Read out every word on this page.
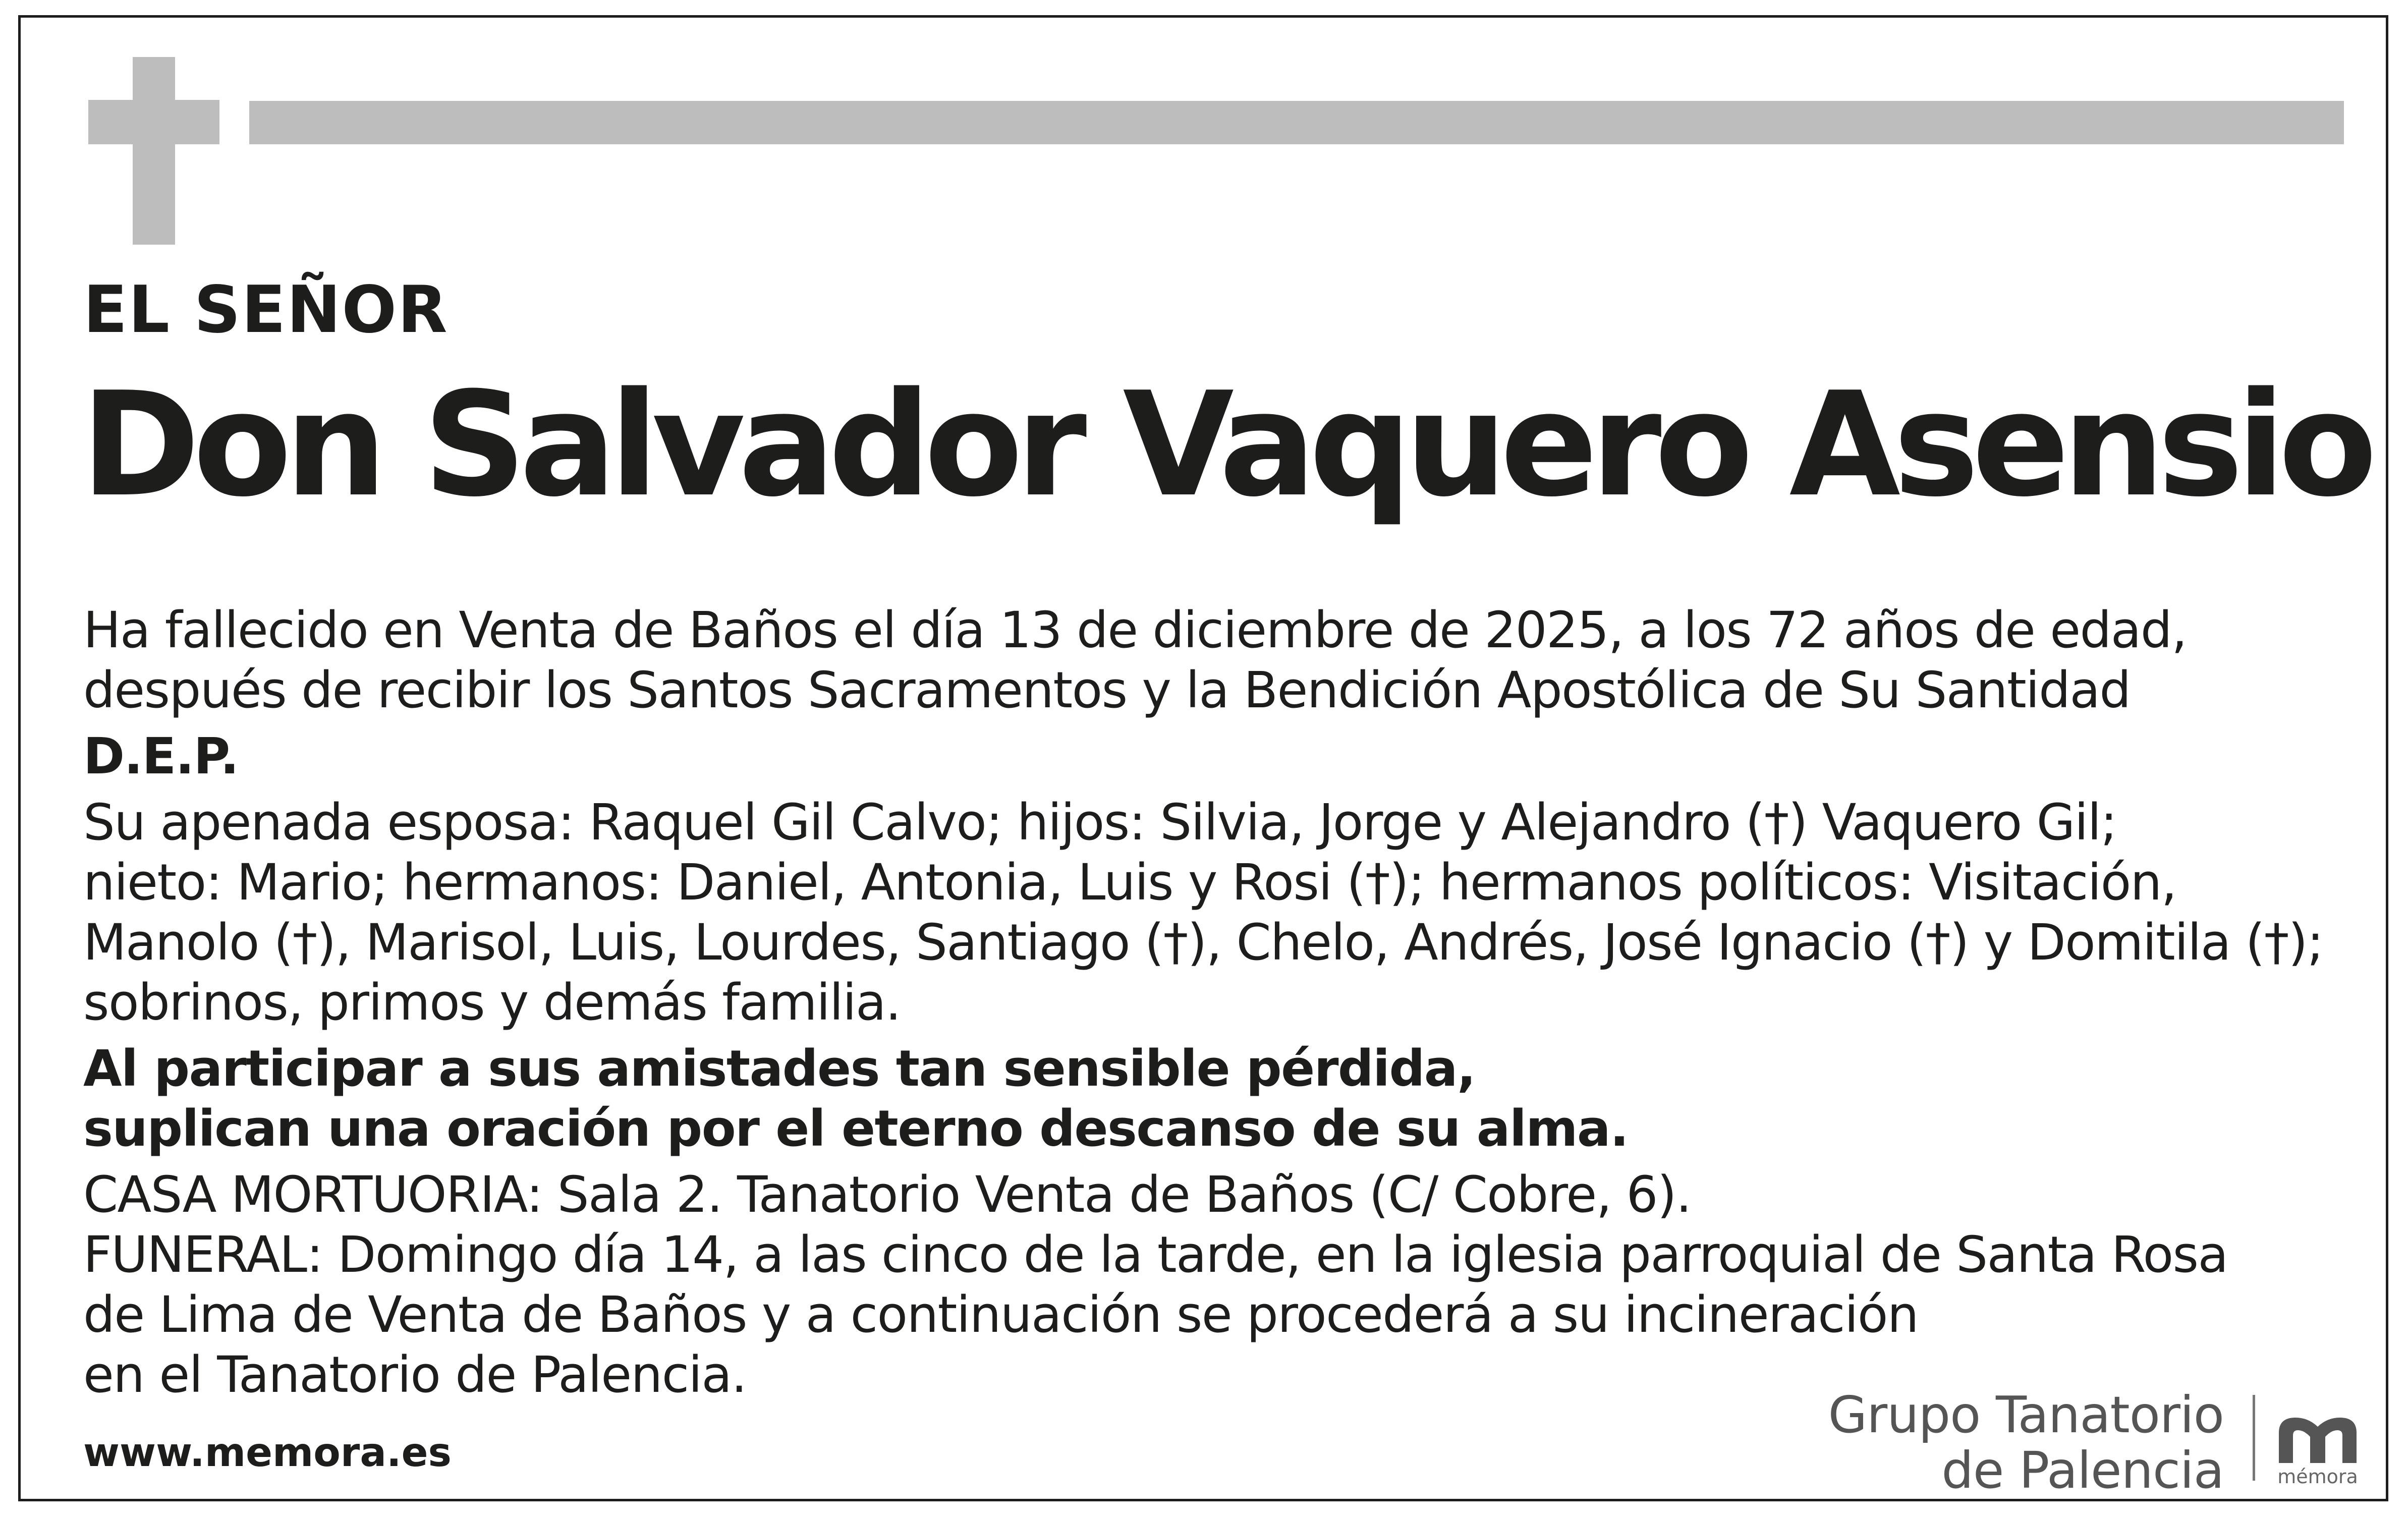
EL SEÑOR
Don Salvador Vaquero Asensio
Ha fallecido en Venta de Baños el día 13 de diciembre de 2025, a los 72 años de edad,
después de recibir los Santos Sacramentos y la Bendición Apostólica de Su Santidad
D.E.P.
Su apenada esposa: Raquel Gil Calvo; hijos: Silvia, Jorge y Alejandro (†) Vaquero Gil;
nieto: Mario; hermanos: Daniel, Antonia, Luis y Rosi (†); hermanos políticos: Visitación,
Manolo (†), Marisol, Luis, Lourdes, Santiago (†), Chelo, Andrés, José Ignacio (†) y Domitila (†);
sobrinos, primos y demás familia.
Al participar a sus amistades tan sensible pérdida,
suplican una oración por el eterno descanso de su alma.
CASA MORTUORIA: Sala 2. Tanatorio Venta de Baños (C/ Cobre, 6).
FUNERAL: Domingo día 14, a las cinco de la tarde, en la iglesia parroquial de Santa Rosa
de Lima de Venta de Baños y a continuación se procederá a su incineración
en el Tanatorio de Palencia.
www.memora.es
Grupo Tanatorio
de Palencia	mémora
